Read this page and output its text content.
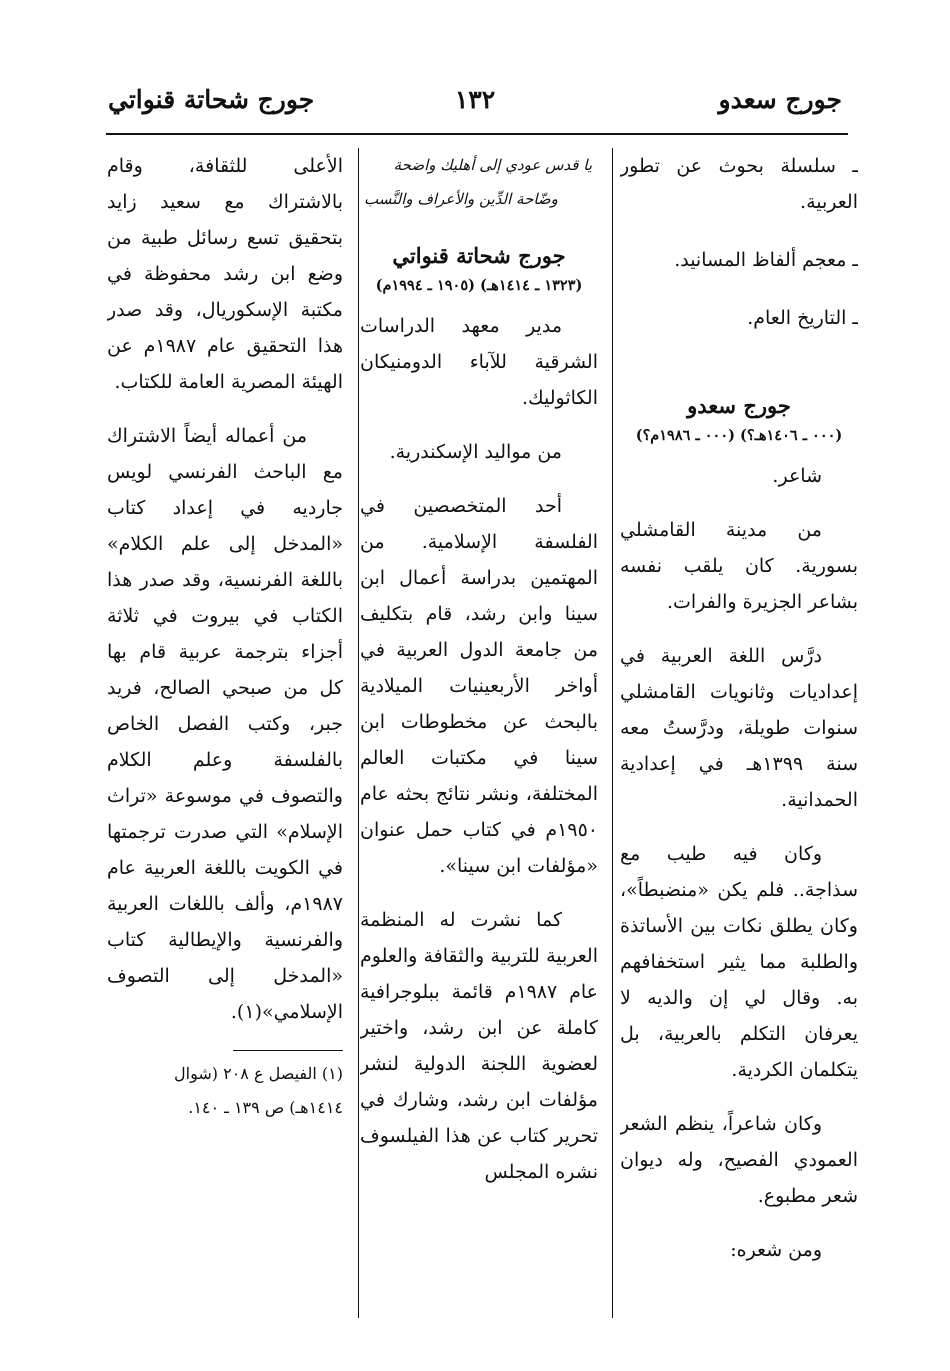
جورج شحاتة قنواتي	١٣٢	جورج سعدو

ـ سلسلة بحوث عن تطور العربية.

ـ معجم ألفاظ المسانيد.

ـ التاريخ العام.

جورج سعدو
(٠٠٠ ـ ١٤٠٦هـ؟) (٠٠٠ ـ ١٩٨٦م؟)

شاعر.

من مدينة القامشلي بسورية. كان يلقب نفسه بشاعر الجزيرة والفرات.

درَّس اللغة العربية في إعداديات وثانويات القامشلي سنوات طويلة، ودرَّستُ معه سنة ١٣٩٩هـ في إعدادية الحمدانية.

وكان فيه طيب مع سذاجة.. فلم يكن «منضبطاً»، وكان يطلق نكات بين الأساتذة والطلبة مما يثير استخفافهم به. وقال لي إن والديه لا يعرفان التكلم بالعربية، بل يتكلمان الكردية.

وكان شاعراً، ينظم الشعر العمودي الفصيح، وله ديوان شعر مطبوع.

ومن شعره:

يا قدس عودي إلى أهليك واضحة

وضّاحة الدِّين والأعراف والنَّسب

جورج شحاتة قنواتي
(١٣٢٣ ـ ١٤١٤هـ) (١٩٠٥ ـ ١٩٩٤م)

مدير معهد الدراسات الشرقية للآباء الدومنيكان الكاثوليك.

من مواليد الإسكندرية.

أحد المتخصصين في الفلسفة الإسلامية. من المهتمين بدراسة أعمال ابن سينا وابن رشد، قام بتكليف من جامعة الدول العربية في أواخر الأربعينيات الميلادية بالبحث عن مخطوطات ابن سينا في مكتبات العالم المختلفة، ونشر نتائج بحثه عام ١٩٥٠م في كتاب حمل عنوان «مؤلفات ابن سينا».

كما نشرت له المنظمة العربية للتربية والثقافة والعلوم عام ١٩٨٧م قائمة ببلوجرافية كاملة عن ابن رشد، واختير لعضوية اللجنة الدولية لنشر مؤلفات ابن رشد، وشارك في تحرير كتاب عن هذا الفيلسوف نشره المجلس

الأعلى للثقافة، وقام بالاشتراك مع سعيد زايد بتحقيق تسع رسائل طبية من وضع ابن رشد محفوظة في مكتبة الإسكوريال، وقد صدر هذا التحقيق عام ١٩٨٧م عن الهيئة المصرية العامة للكتاب.

من أعماله أيضاً الاشتراك مع الباحث الفرنسي لويس جارديه في إعداد كتاب «المدخل إلى علم الكلام» باللغة الفرنسية، وقد صدر هذا الكتاب في بيروت في ثلاثة أجزاء بترجمة عربية قام بها كل من صبحي الصالح، فريد جبر، وكتب الفصل الخاص بالفلسفة وعلم الكلام والتصوف في موسوعة «تراث الإسلام» التي صدرت ترجمتها في الكويت باللغة العربية عام ١٩٨٧م، وألف باللغات العربية والفرنسية والإيطالية كتاب «المدخل إلى التصوف الإسلامي»(١).

(١) الفيصل ع ٢٠٨ (شوال

١٤١٤هـ) ص ١٣٩ ـ ١٤٠.
